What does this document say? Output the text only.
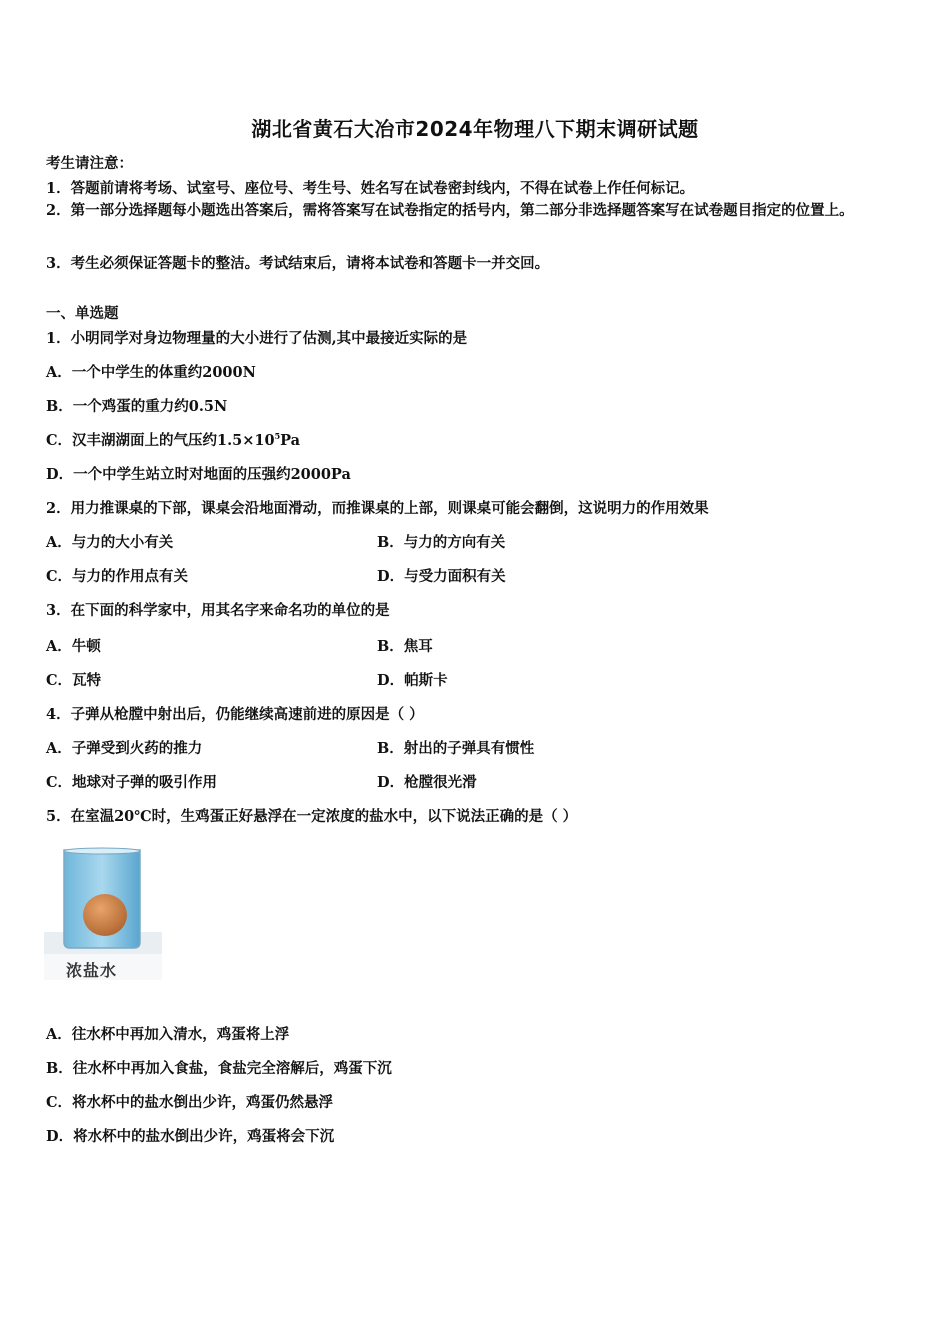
湖北省黄石大冶市2024年物理八下期末调研试题
考生请注意：
1．答题前请将考场、试室号、座位号、考生号、姓名写在试卷密封线内，不得在试卷上作任何标记。
2．第一部分选择题每小题选出答案后，需将答案写在试卷指定的括号内，第二部分非选择题答案写在试卷题目指定的位置上。
3．考生必须保证答题卡的整洁。考试结束后，请将本试卷和答题卡一并交回。
一、单选题
1．小明同学对身边物理量的大小进行了估测,其中最接近实际的是
A．一个中学生的体重约2000N
B．一个鸡蛋的重力约0.5N
C．汉丰湖湖面上的气压约$1.5\times 10^5Pa$
D．一个中学生站立时对地面的压强约2000Pa
2．用力推课桌的下部，课桌会沿地面滑动，而推课桌的上部，则课桌可能会翻倒，这说明力的作用效果
A．与力的大小有关	B．与力的方向有关
C．与力的作用点有关	D．与受力面积有关
3．在下面的科学家中，用其名字来命名功的单位的是
A．牛顿	B．焦耳
C．瓦特	D．帕斯卡
4．子弹从枪膛中射出后，仍能继续高速前进的原因是（ ）
A．子弹受到火药的推力	B．射出的子弹具有惯性
C．地球对子弹的吸引作用	D．枪膛很光滑
5．在室温20℃时，生鸡蛋正好悬浮在一定浓度的盐水中，以下说法正确的是（ ）
浓盐水
A．往水杯中再加入清水，鸡蛋将上浮
B．往水杯中再加入食盐，食盐完全溶解后，鸡蛋下沉
C．将水杯中的盐水倒出少许，鸡蛋仍然悬浮
D．将水杯中的盐水倒出少许，鸡蛋将会下沉
